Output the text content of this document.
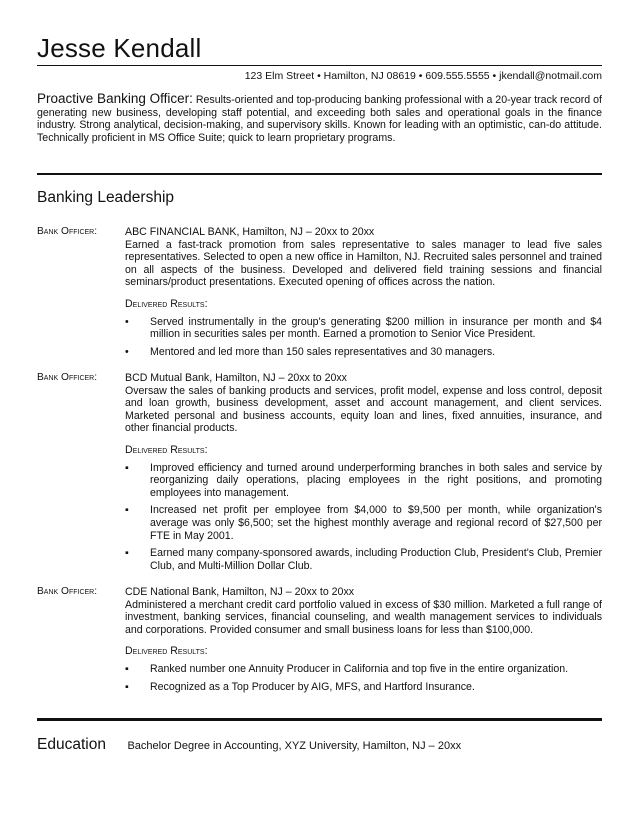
Jesse Kendall
123 Elm Street • Hamilton, NJ 08619 • 609.555.5555 • jkendall@notmail.com
Proactive Banking Officer: Results-oriented and top-producing banking professional with a 20-year track record of generating new business, developing staff potential, and exceeding both sales and operational goals in the finance industry. Strong analytical, decision-making, and supervisory skills. Known for leading with an optimistic, can-do attitude. Technically proficient in MS Office Suite; quick to learn proprietary programs.
Banking Leadership
Bank Officer:	ABC FINANCIAL BANK, Hamilton, NJ – 20xx to 20xx
Earned a fast-track promotion from sales representative to sales manager to lead five sales representatives. Selected to open a new office in Hamilton, NJ. Recruited sales personnel and trained on all aspects of the business. Developed and delivered field training sessions and financial seminars/product presentations. Executed opening of offices across the nation.
Delivered Results:
• Served instrumentally in the group's generating $200 million in insurance per month and $4 million in securities sales per month. Earned a promotion to Senior Vice President.
• Mentored and led more than 150 sales representatives and 30 managers.
Bank Officer:	BCD Mutual Bank, Hamilton, NJ – 20xx to 20xx
Oversaw the sales of banking products and services, profit model, expense and loss control, deposit and loan growth, business development, asset and account management, and client services. Marketed personal and business accounts, equity loan and lines, fixed annuities, insurance, and other financial products.
Delivered Results:
▪ Improved efficiency and turned around underperforming branches in both sales and service by reorganizing daily operations, placing employees in the right positions, and promoting employees into management.
▪ Increased net profit per employee from $4,000 to $9,500 per month, while organization's average was only $6,500; set the highest monthly average and regional record of $27,500 per FTE in May 2001.
▪ Earned many company-sponsored awards, including Production Club, President's Club, Premier Club, and Multi-Million Dollar Club.
Bank Officer:	CDE National Bank, Hamilton, NJ – 20xx to 20xx
Administered a merchant credit card portfolio valued in excess of $30 million. Marketed a full range of investment, banking services, financial counseling, and wealth management services to individuals and corporations. Provided consumer and small business loans for less than $100,000.
Delivered Results:
▪ Ranked number one Annuity Producer in California and top five in the entire organization.
▪ Recognized as a Top Producer by AIG, MFS, and Hartford Insurance.
Education Bachelor Degree in Accounting, XYZ University, Hamilton, NJ – 20xx
